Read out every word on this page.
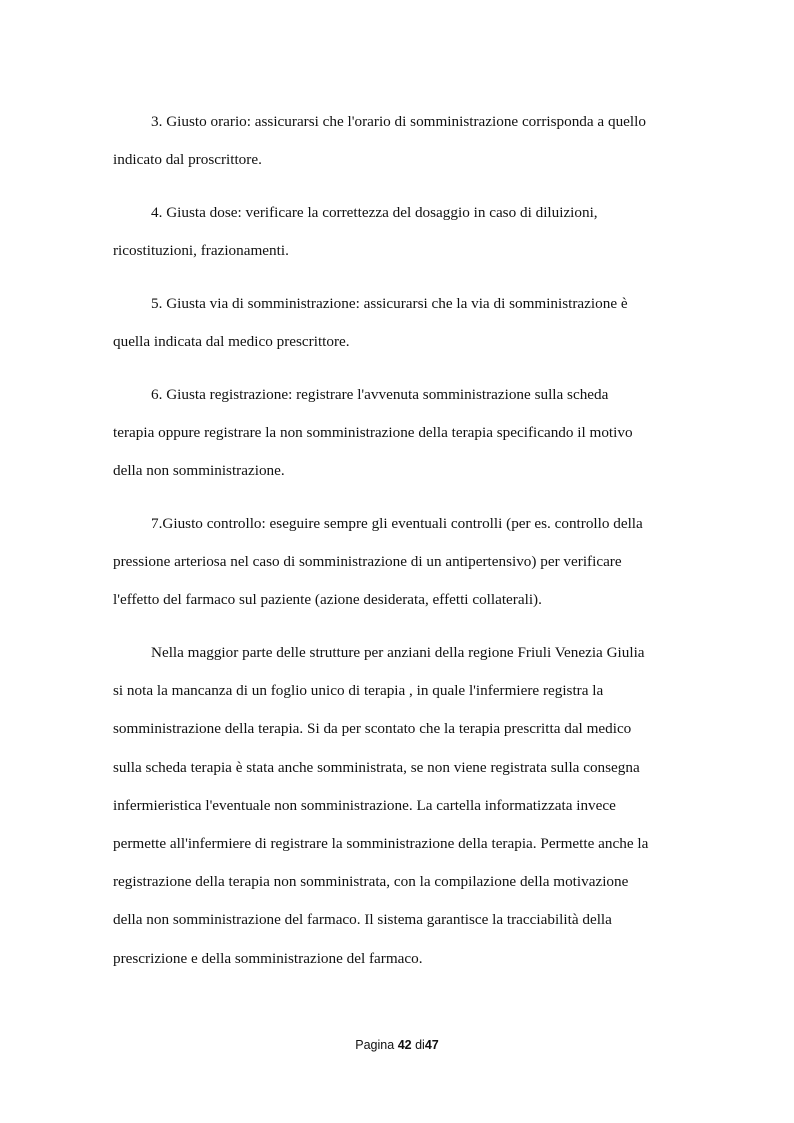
3. Giusto orario: assicurarsi che l'orario di somministrazione corrisponda a quello
indicato dal proscrittore.
4. Giusta dose: verificare la correttezza del dosaggio in caso di diluizioni,
ricostituzioni, frazionamenti.
5. Giusta via di somministrazione: assicurarsi che la via di somministrazione è
quella indicata dal medico prescrittore.
6. Giusta registrazione: registrare l'avvenuta somministrazione sulla scheda
terapia oppure registrare la non somministrazione della terapia specificando il motivo
della non somministrazione.
7.Giusto controllo: eseguire sempre gli eventuali controlli (per es. controllo della
pressione arteriosa nel caso di somministrazione di un antipertensivo) per verificare
l'effetto del farmaco sul paziente (azione desiderata, effetti collaterali).
Nella maggior parte delle strutture per anziani della regione Friuli Venezia Giulia
si nota la mancanza di un foglio unico di terapia , in quale l'infermiere registra la
somministrazione della terapia. Si da per scontato che la terapia prescritta dal medico
sulla scheda terapia è stata anche somministrata, se non viene registrata sulla consegna
infermieristica l'eventuale non somministrazione. La cartella informatizzata invece
permette all'infermiere di registrare la somministrazione della terapia. Permette anche la
registrazione della terapia non somministrata, con la compilazione della motivazione
della non somministrazione del farmaco. Il sistema garantisce la tracciabilità della
prescrizione e della somministrazione del farmaco.
Pagina 42 di47
